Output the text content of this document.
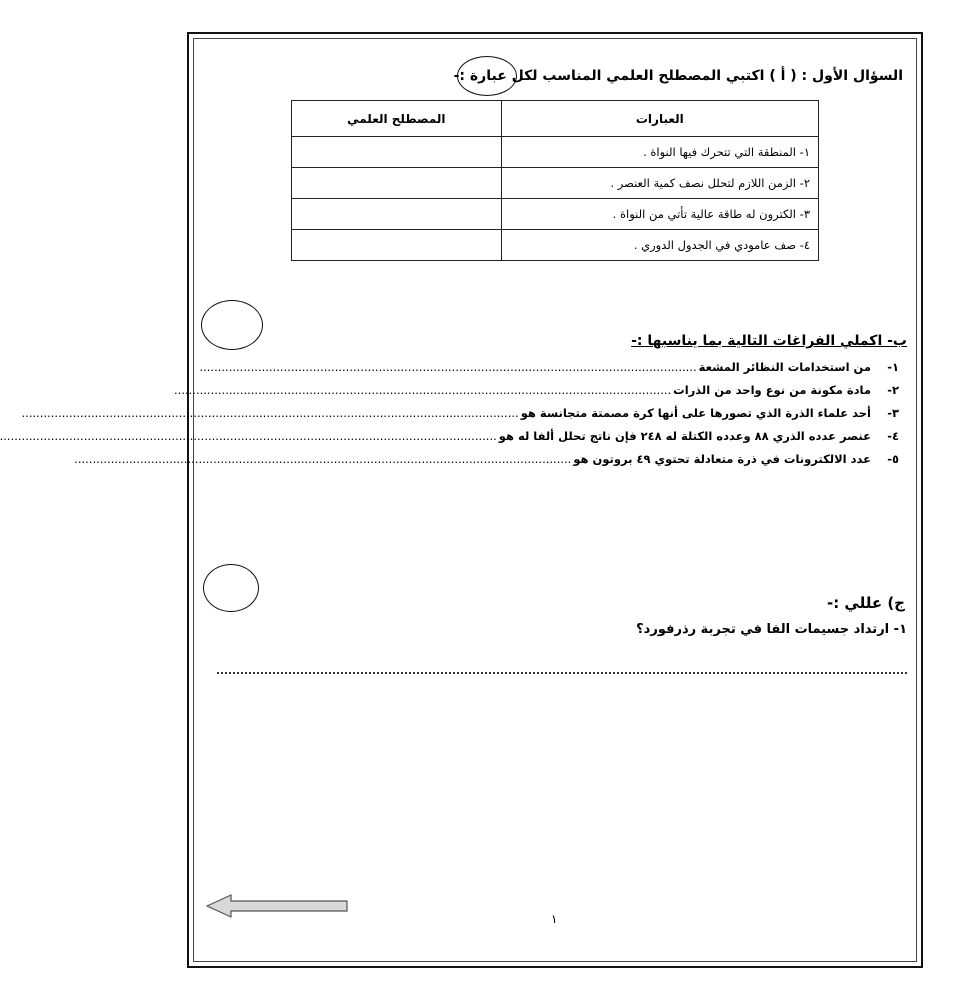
السؤال الأول : ( أ ) اكتبي المصطلح العلمي المناسب لكل عبارة :-
العبارات	المصطلح العلمي
١- المنطقة التي تتحرك فيها النواة .	
٢- الزمن اللازم لتحلل نصف كمية العنصر .	
٣- الكترون له طاقة عالية تأتي من النواة .	
٤- صف عامودي في الجدول الدوري .	
ب- اكملي الفراغات التالية بما يناسبها :-
١-
من استخدامات النظائر المشعة
........................................................................................................................................
٢-
مادة مكونة من نوع واحد من الذرات
........................................................................................................................................
٣-
أحد علماء الذرة الذي تصورها على أنها كرة مصمتة متجانسة هو
........................................................................................................................................
٤-
عنصر عدده الذري ٨٨ وعدده الكتلة له ٢٤٨ فإن ناتج تحلل ألفا له هو
........................................................................................................................................
٥-
عدد الالكترونات في ذرة متعادلة تحتوي ٤٩ بروتون هو
........................................................................................................................................
ج) عللي :-
١- ارتداد جسيمات الفا في تجربة رذرفورد؟
١
